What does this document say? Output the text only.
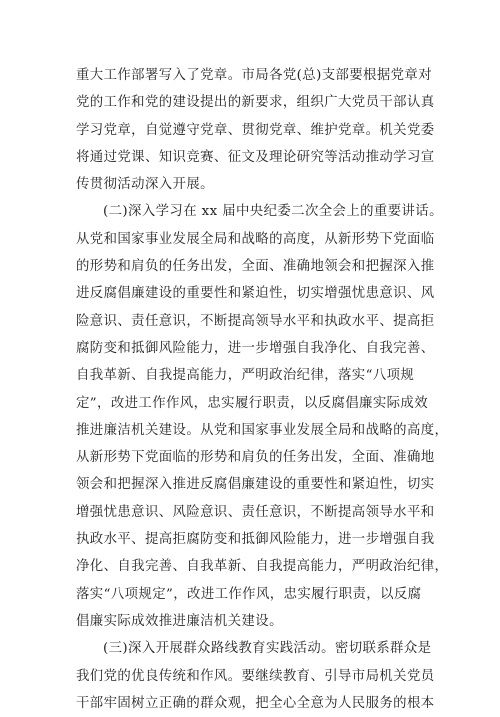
重大工作部署写入了党章。市局各党(总)支部要根据党章对
党的工作和党的建设提出的新要求，组织广大党员干部认真
学习党章，自觉遵守党章、贯彻党章、维护党章。机关党委
将通过党课、知识竞赛、征文及理论研究等活动推动学习宣
传贯彻活动深入开展。

(二)深入学习在 xx 届中央纪委二次全会上的重要讲话。
从党和国家事业发展全局和战略的高度，从新形势下党面临
的形势和肩负的任务出发，全面、准确地领会和把握深入推
进反腐倡廉建设的重要性和紧迫性，切实增强忧患意识、风
险意识、责任意识，不断提高领导水平和执政水平、提高拒
腐防变和抵御风险能力，进一步增强自我净化、自我完善、
自我革新、自我提高能力，严明政治纪律，落实“八项规
定”，改进工作作风，忠实履行职责，以反腐倡廉实际成效
推进廉洁机关建设。从党和国家事业发展全局和战略的高度，
从新形势下党面临的形势和肩负的任务出发，全面、准确地
领会和把握深入推进反腐倡廉建设的重要性和紧迫性，切实
增强忧患意识、风险意识、责任意识，不断提高领导水平和
执政水平、提高拒腐防变和抵御风险能力，进一步增强自我
净化、自我完善、自我革新、自我提高能力，严明政治纪律，
落实“八项规定”，改进工作作风，忠实履行职责，以反腐
倡廉实际成效推进廉洁机关建设。

(三)深入开展群众路线教育实践活动。密切联系群众是
我们党的优良传统和作风。要继续教育、引导市局机关党员
干部牢固树立正确的群众观，把全心全意为人民服务的根本
